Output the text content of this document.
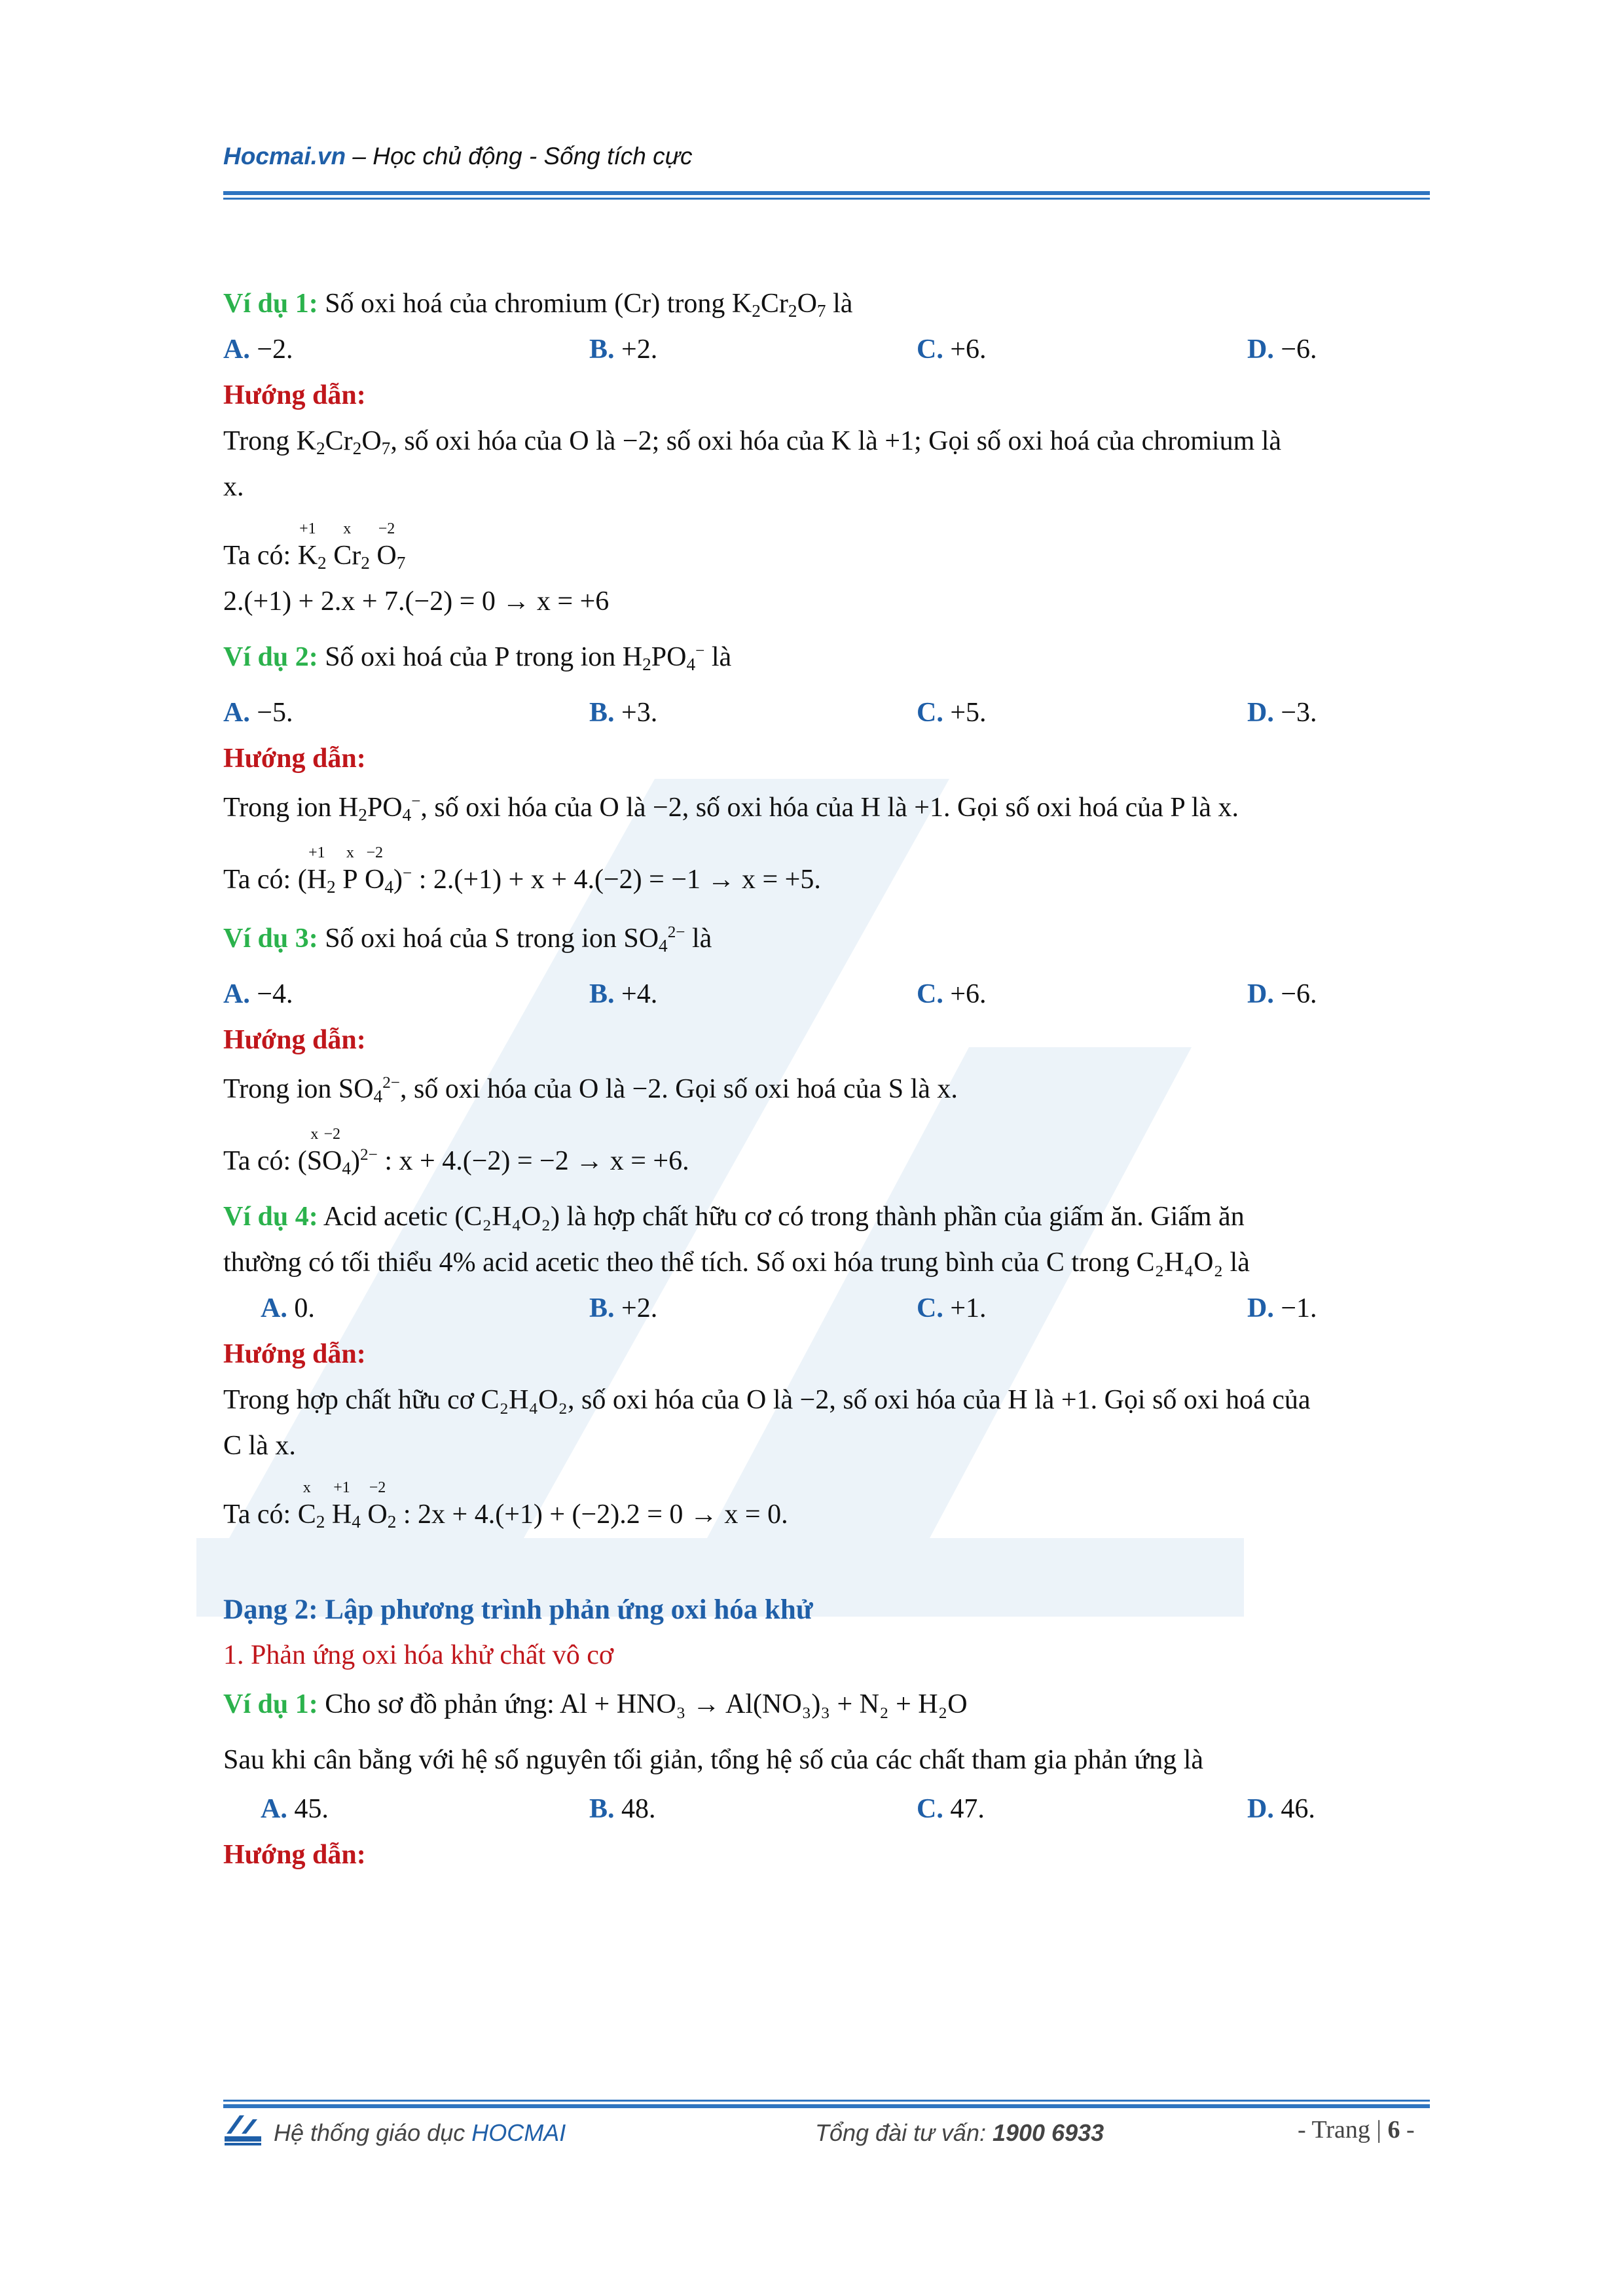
Hocmai.vn – Học chủ động - Sống tích cực
Ví dụ 1: Số oxi hoá của chromium (Cr) trong $K_2Cr_2O_7$ là
A. −2.	B. +2.	C. +6.	D. −6.
Hướng dẫn:
Trong $K_2Cr_2O_7$, số oxi hóa của O là −2; số oxi hóa của K là +1; Gọi số oxi hoá của chromium là
x.
Ta có:
+1
$K_2$
x
$Cr_2$
−2
$O_7$
2.(+1) + 2.x + 7.(−2) = 0 → x = +6
Ví dụ 2: Số oxi hoá của P trong ion $H_2PO_4^-$ là
A. −5.	B. +3.	C. +5.	D. −3.
Hướng dẫn:
Trong ion $H_2PO_4^-$, số oxi hóa của O là −2, số oxi hóa của H là +1. Gọi số oxi hoá của P là x.
Ta có: (
+1
$H_2$
x
P
−2
$O_4)^-$ : 2.(+1) + x + 4.(−2) = −1 → x = +5.
Ví dụ 3: Số oxi hoá của S trong ion $SO_4^{2-}$ là
A. −4.	B. +4.	C. +6.	D. −6.
Hướng dẫn:
Trong ion $SO_4^{2-}$, số oxi hóa của O là −2. Gọi số oxi hoá của S là x.
Ta có: (
x
S
−2
$O_4)^{2-}$ : x + 4.(−2) = −2 → x = +6.
Ví dụ 4: Acid acetic (C₂H₄O₂) là hợp chất hữu cơ có trong thành phần của giấm ăn. Giấm ăn
thường có tối thiểu 4% acid acetic theo thể tích. Số oxi hóa trung bình của C trong C₂H₄O₂ là
A. 0.	B. +2.	C. +1.	D. −1.
Hướng dẫn:
Trong hợp chất hữu cơ C₂H₄O₂, số oxi hóa của O là −2, số oxi hóa của H là +1. Gọi số oxi hoá của
C là x.
Ta có:
x
$C_2$
+1
$H_4$
−2
$O_2$ : 2x + 4.(+1) + (−2).2 = 0 → x = 0.
Dạng 2: Lập phương trình phản ứng oxi hóa khử
1. Phản ứng oxi hóa khử chất vô cơ
Ví dụ 1: Cho sơ đồ phản ứng: Al + HNO₃ → Al(NO₃)₃ + N₂ + H₂O
Sau khi cân bằng với hệ số nguyên tối giản, tổng hệ số của các chất tham gia phản ứng là
A. 45.	B. 48.	C. 47.	D. 46.
Hướng dẫn:
Hệ thống giáo dục HOCMAI	Tổng đài tư vấn: 1900 6933	- Trang | 6 -
